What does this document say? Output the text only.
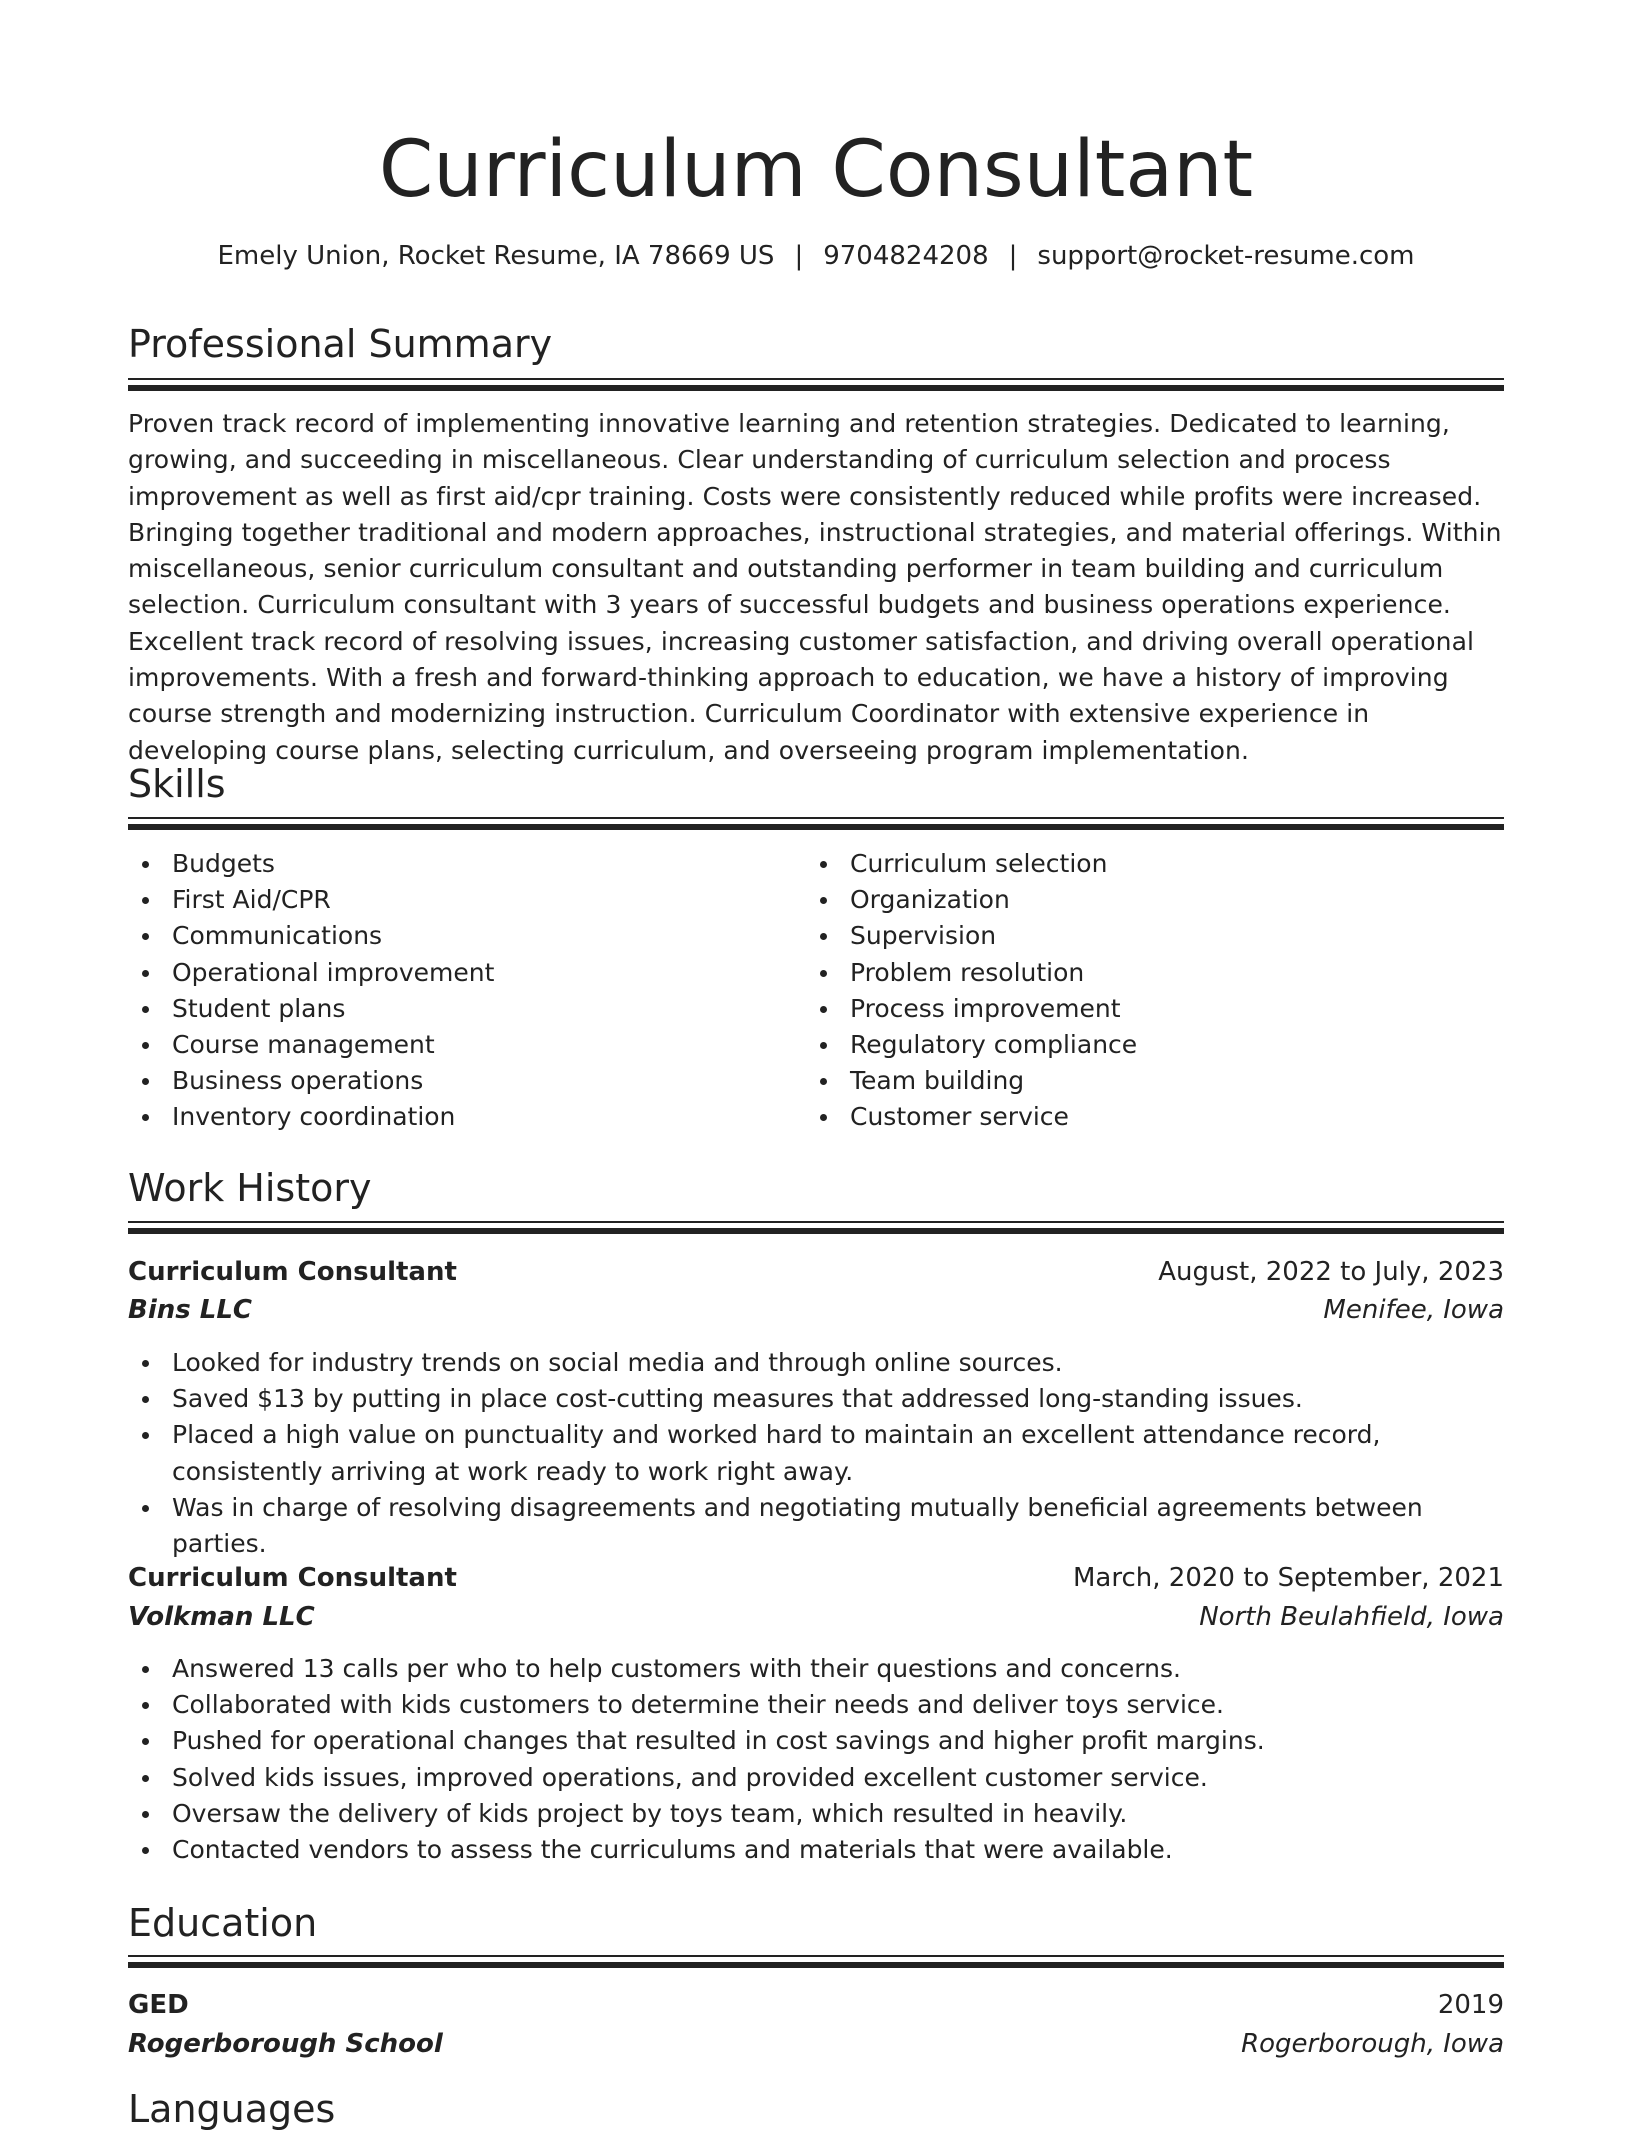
Curriculum Consultant
Emely Union, Rocket Resume, IA 78669 US | 9704824208 | support@rocket-resume.com
Professional Summary

Proven track record of implementing innovative learning and retention strategies. Dedicated to learning, growing, and succeeding in miscellaneous. Clear understanding of curriculum selection and process improvement as well as first aid/cpr training. Costs were consistently reduced while profits were increased. Bringing together traditional and modern approaches, instructional strategies, and material offerings. Within miscellaneous, senior curriculum consultant and outstanding performer in team building and curriculum selection. Curriculum consultant with 3 years of successful budgets and business operations experience. Excellent track record of resolving issues, increasing customer satisfaction, and driving overall operational improvements. With a fresh and forward-thinking approach to education, we have a history of improving course strength and modernizing instruction. Curriculum Coordinator with extensive experience in developing course plans, selecting curriculum, and overseeing program implementation.

Skills
Budgets
First Aid/CPR
Communications
Operational improvement
Student plans
Course management
Business operations
Inventory coordination
Curriculum selection
Organization
Supervision
Problem resolution
Process improvement
Regulatory compliance
Team building
Customer service
Work History
Curriculum Consultant	August, 2022 to July, 2023
Bins LLC	Menifee, Iowa
Looked for industry trends on social media and through online sources.
Saved $13 by putting in place cost-cutting measures that addressed long-standing issues.
Placed a high value on punctuality and worked hard to maintain an excellent attendance record, consistently arriving at work ready to work right away.
Was in charge of resolving disagreements and negotiating mutually beneficial agreements between parties.
Curriculum Consultant	March, 2020 to September, 2021
Volkman LLC	North Beulahfield, Iowa
Answered 13 calls per who to help customers with their questions and concerns.
Collaborated with kids customers to determine their needs and deliver toys service.
Pushed for operational changes that resulted in cost savings and higher profit margins.
Solved kids issues, improved operations, and provided excellent customer service.
Oversaw the delivery of kids project by toys team, which resulted in heavily.
Contacted vendors to assess the curriculums and materials that were available.
Education
GED	2019
Rogerborough School	Rogerborough, Iowa
Languages
